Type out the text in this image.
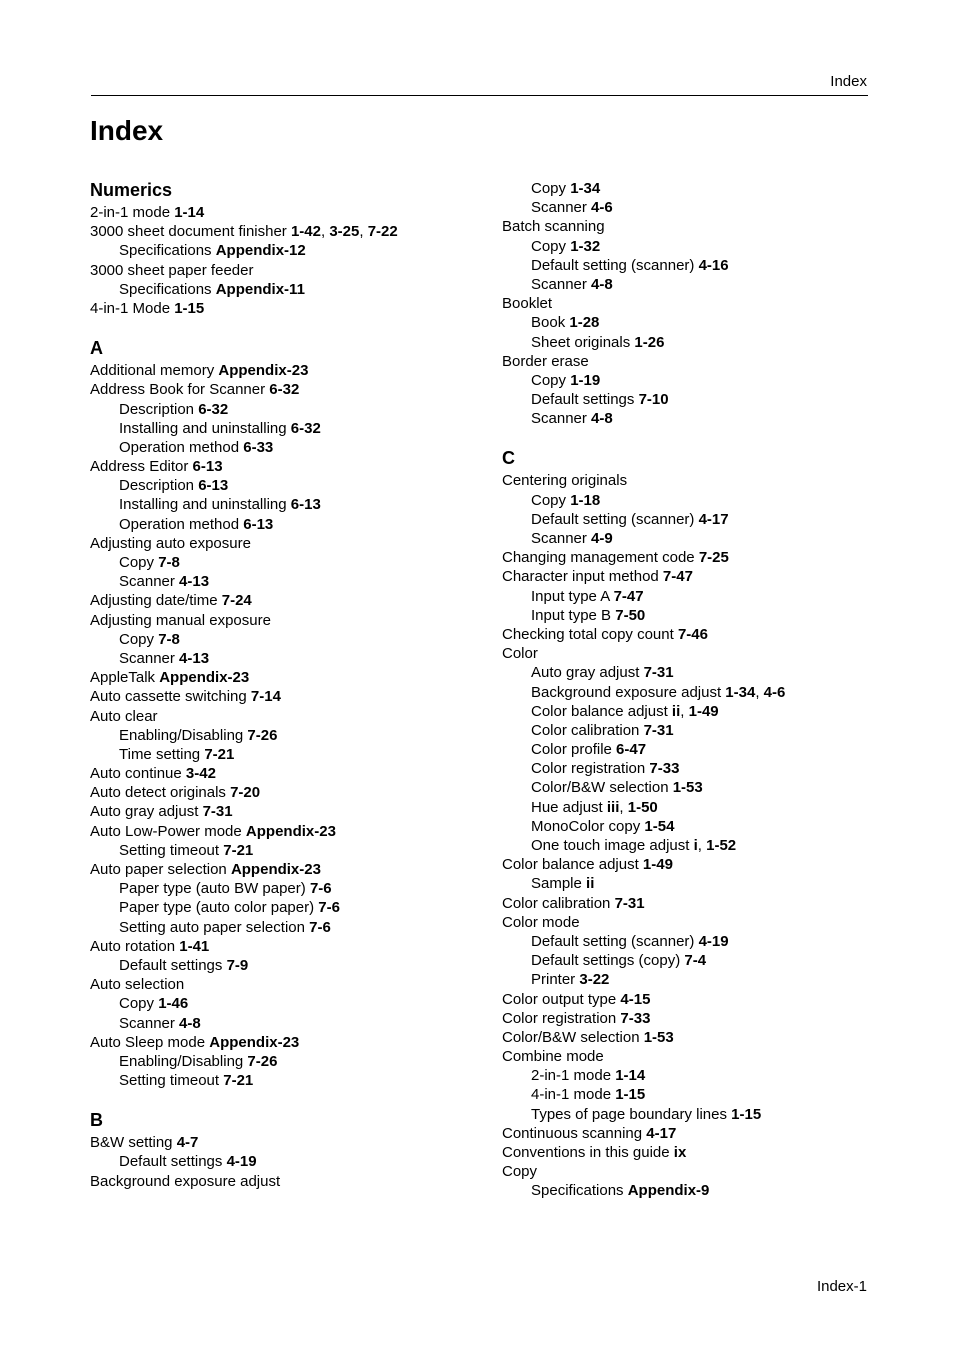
Index
Index
Numerics
2-in-1 mode 1-14
3000 sheet document finisher 1-42, 3-25, 7-22
Specifications Appendix-12
3000 sheet paper feeder
Specifications Appendix-11
4-in-1 Mode 1-15
A
Additional memory Appendix-23
Address Book for Scanner 6-32
Description 6-32
Installing and uninstalling 6-32
Operation method 6-33
Address Editor 6-13
Description 6-13
Installing and uninstalling 6-13
Operation method 6-13
Adjusting auto exposure
Copy 7-8
Scanner 4-13
Adjusting date/time 7-24
Adjusting manual exposure
Copy 7-8
Scanner 4-13
AppleTalk Appendix-23
Auto cassette switching 7-14
Auto clear
Enabling/Disabling 7-26
Time setting 7-21
Auto continue 3-42
Auto detect originals 7-20
Auto gray adjust 7-31
Auto Low-Power mode Appendix-23
Setting timeout 7-21
Auto paper selection Appendix-23
Paper type (auto BW paper) 7-6
Paper type (auto color paper) 7-6
Setting auto paper selection 7-6
Auto rotation 1-41
Default settings 7-9
Auto selection
Copy 1-46
Scanner 4-8
Auto Sleep mode Appendix-23
Enabling/Disabling 7-26
Setting timeout 7-21
B
B&W setting 4-7
Default settings 4-19
Background exposure adjust
Copy 1-34
Scanner 4-6
Batch scanning
Copy 1-32
Default setting (scanner) 4-16
Scanner 4-8
Booklet
Book 1-28
Sheet originals 1-26
Border erase
Copy 1-19
Default settings 7-10
Scanner 4-8
C
Centering originals
Copy 1-18
Default setting (scanner) 4-17
Scanner 4-9
Changing management code 7-25
Character input method 7-47
Input type A 7-47
Input type B 7-50
Checking total copy count 7-46
Color
Auto gray adjust 7-31
Background exposure adjust 1-34, 4-6
Color balance adjust ii, 1-49
Color calibration 7-31
Color profile 6-47
Color registration 7-33
Color/B&W selection 1-53
Hue adjust iii, 1-50
MonoColor copy 1-54
One touch image adjust i, 1-52
Color balance adjust 1-49
Sample ii
Color calibration 7-31
Color mode
Default setting (scanner) 4-19
Default settings (copy) 7-4
Printer 3-22
Color output type 4-15
Color registration 7-33
Color/B&W selection 1-53
Combine mode
2-in-1 mode 1-14
4-in-1 mode 1-15
Types of page boundary lines 1-15
Continuous scanning 4-17
Conventions in this guide ix
Copy
Specifications Appendix-9
Index-1
